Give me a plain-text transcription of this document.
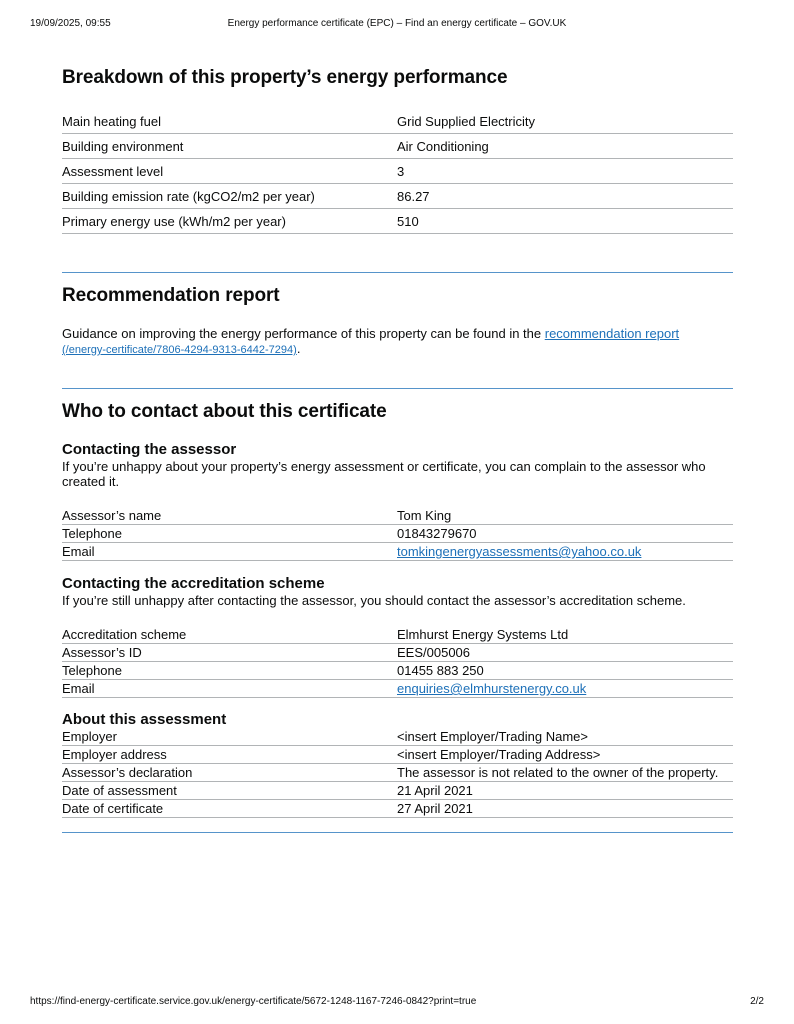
19/09/2025, 09:55	Energy performance certificate (EPC) – Find an energy certificate – GOV.UK
Breakdown of this property’s energy performance
Main heating fuel	Grid Supplied Electricity
Building environment	Air Conditioning
Assessment level	3
Building emission rate (kgCO2/m2 per year)	86.27
Primary energy use (kWh/m2 per year)	510
Recommendation report

Guidance on improving the energy performance of this property can be found in the recommendation report
(/energy-certificate/7806-4294-9313-6442-7294).

Who to contact about this certificate
Contacting the assessor

If you’re unhappy about your property’s energy assessment or certificate, you can complain to the assessor who created it.

Assessor’s name	Tom King
Telephone	01843279670
Email	tomkingenergyassessments@yahoo.co.uk
Contacting the accreditation scheme

If you’re still unhappy after contacting the assessor, you should contact the assessor’s accreditation scheme.

Accreditation scheme	Elmhurst Energy Systems Ltd
Assessor’s ID	EES/005006
Telephone	01455 883 250
Email	enquiries@elmhurstenergy.co.uk
About this assessment
Employer	<insert Employer/Trading Name>
Employer address	<insert Employer/Trading Address>
Assessor’s declaration	The assessor is not related to the owner of the property.
Date of assessment	21 April 2021
Date of certificate	27 April 2021
https://find-energy-certificate.service.gov.uk/energy-certificate/5672-1248-1167-7246-0842?print=true	2/2
